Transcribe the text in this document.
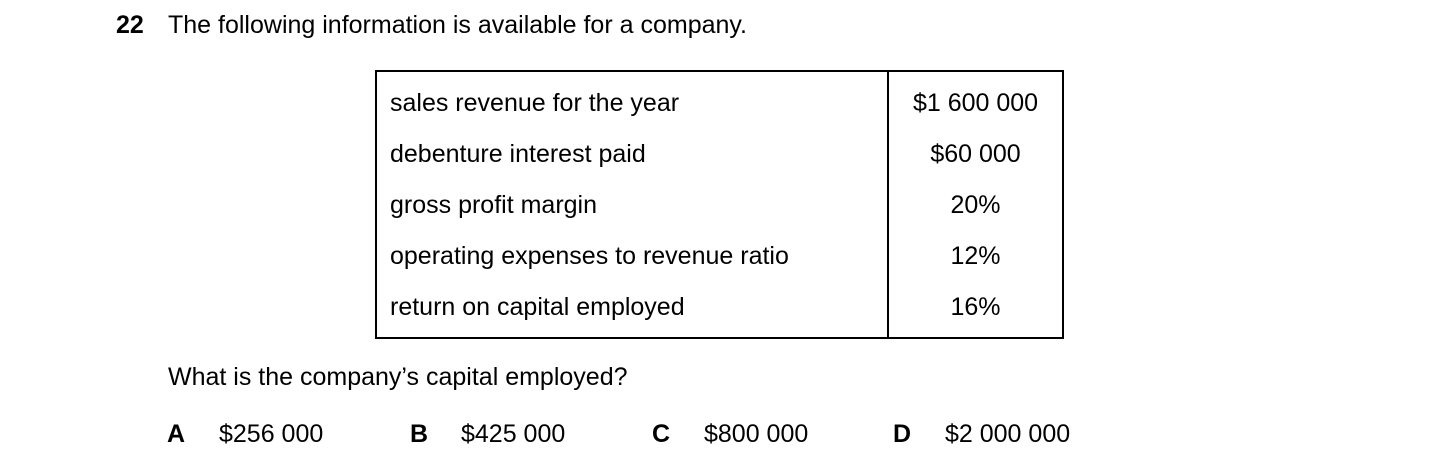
22 The following information is available for a company.
sales revenue for the year	$1 600 000
debenture interest paid	$60 000
gross profit margin	20%
operating expenses to revenue ratio	12%
return on capital employed	16%
What is the company’s capital employed?
A $256 000	B $425 000	C $800 000	D $2 000 000
